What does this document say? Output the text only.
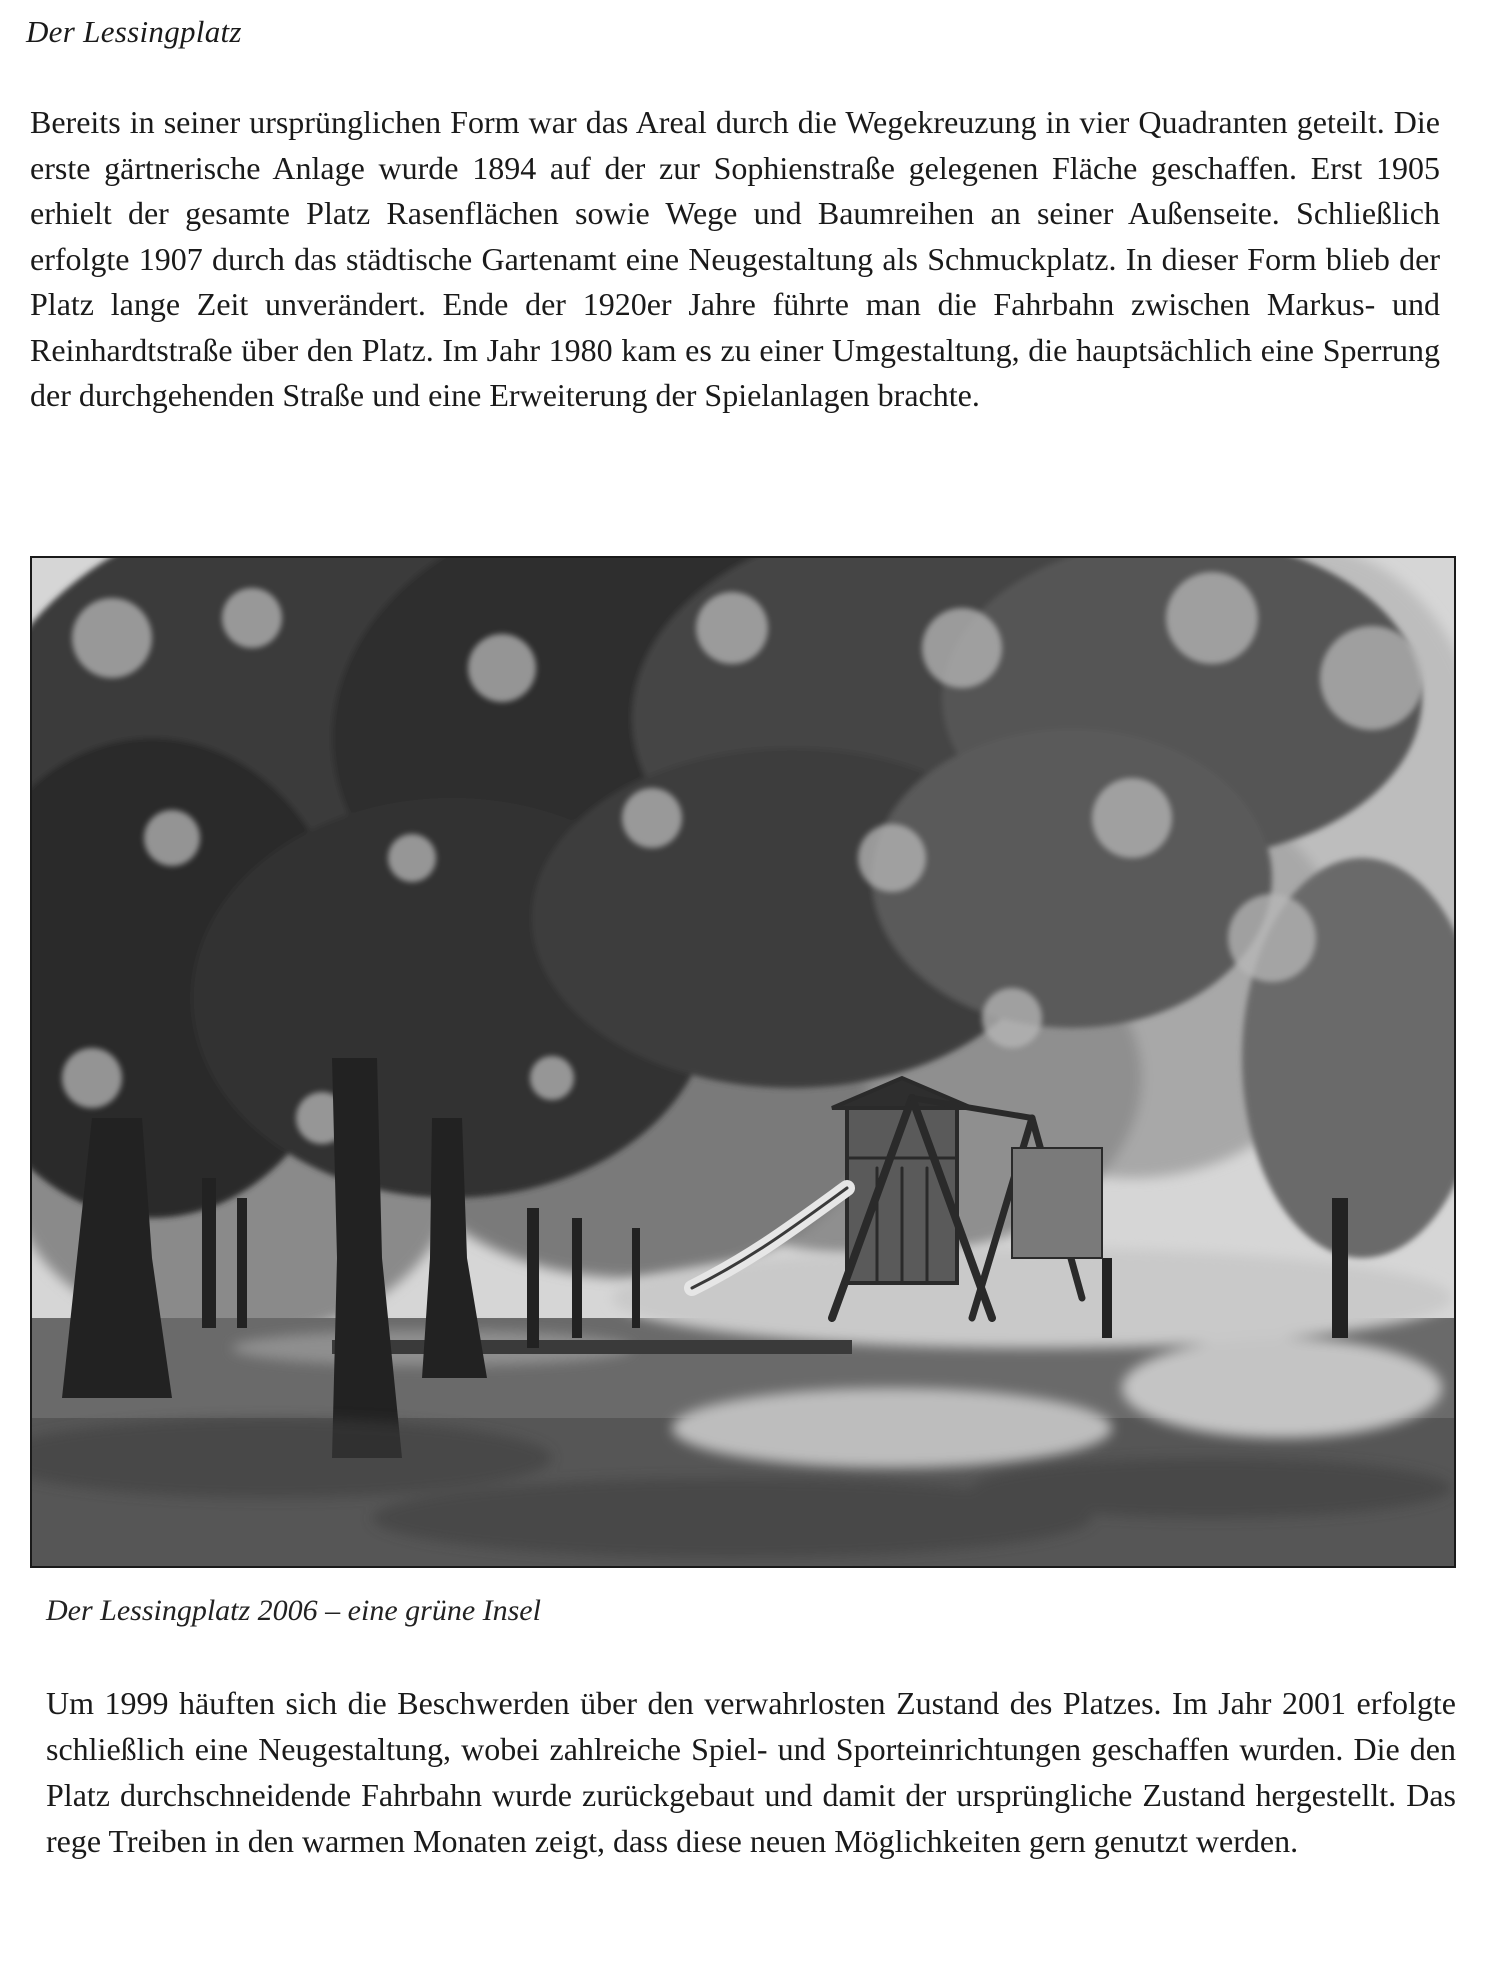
Der Lessingplatz

Bereits in seiner ursprünglichen Form war das Areal durch die Wegekreuzung in vier Quadranten geteilt. Die erste gärtnerische Anlage wurde 1894 auf der zur Sophienstraße gelegenen Fläche geschaffen. Erst 1905 erhielt der gesamte Platz Rasenflächen sowie Wege und Baumreihen an seiner Außenseite. Schließlich erfolgte 1907 durch das städtische Gartenamt eine Neugestaltung als Schmuckplatz. In dieser Form blieb der Platz lange Zeit unverändert. Ende der 1920er Jahre führte man die Fahrbahn zwischen Markus- und Reinhardtstraße über den Platz. Im Jahr 1980 kam es zu einer Umgestaltung, die hauptsächlich eine Sperrung der durchgehenden Straße und eine Erweiterung der Spielanlagen brachte.

Der Lessingplatz 2006 – eine grüne Insel

Um 1999 häuften sich die Beschwerden über den verwahrlosten Zustand des Platzes. Im Jahr 2001 erfolgte schließlich eine Neugestaltung, wobei zahlreiche Spiel- und Sporteinrichtungen geschaffen wurden. Die den Platz durchschneidende Fahrbahn wurde zurückgebaut und damit der ursprüngliche Zustand hergestellt. Das rege Treiben in den warmen Monaten zeigt, dass diese neuen Möglichkeiten gern genutzt werden.
